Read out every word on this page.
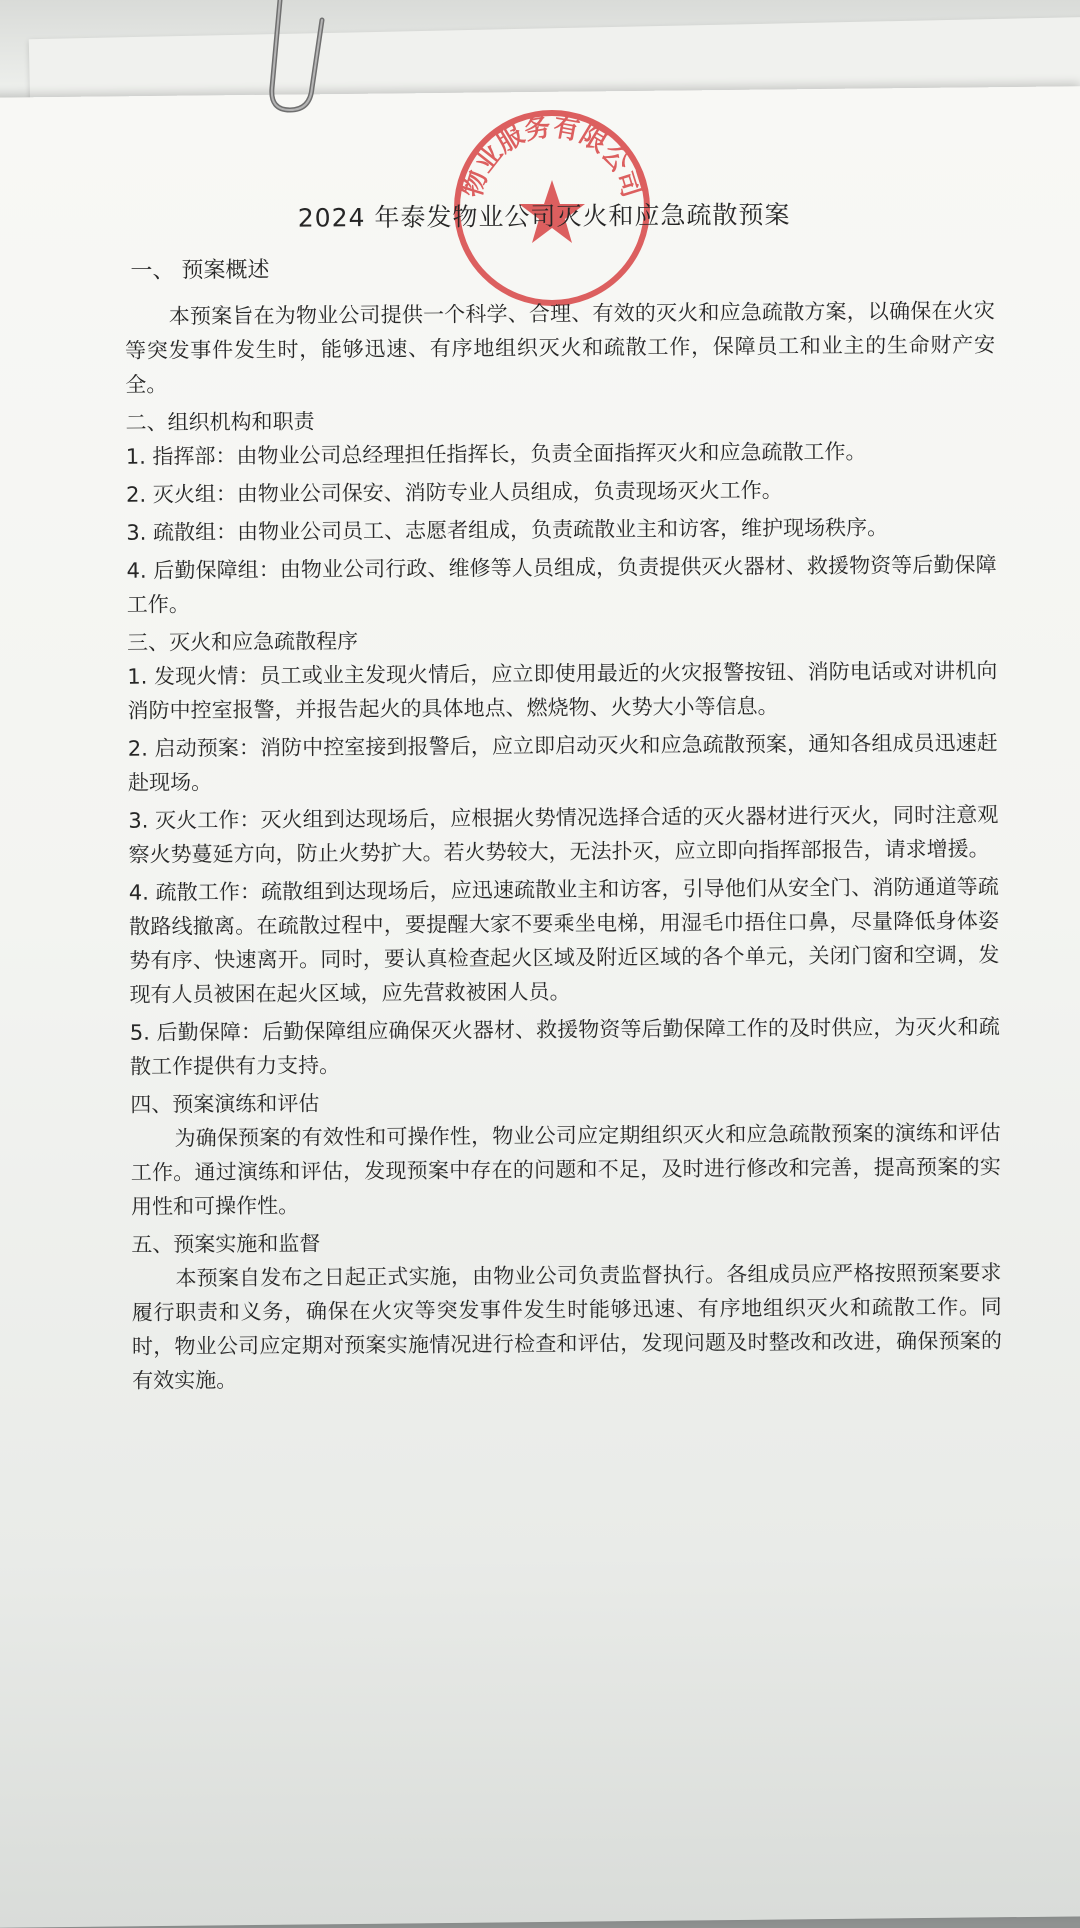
物业服务有限公司
2024 年泰发物业公司灭火和应急疏散预案
一、 预案概述
本预案旨在为物业公司提供一个科学、合理、有效的灭火和应急疏散方案，以确保在火灾等突发事件发生时，能够迅速、有序地组织灭火和疏散工作，保障员工和业主的生命财产安全。
二、组织机构和职责
1. 指挥部：由物业公司总经理担任指挥长，负责全面指挥灭火和应急疏散工作。
2. 灭火组：由物业公司保安、消防专业人员组成，负责现场灭火工作。
3. 疏散组：由物业公司员工、志愿者组成，负责疏散业主和访客，维护现场秩序。
4. 后勤保障组：由物业公司行政、维修等人员组成，负责提供灭火器材、救援物资等后勤保障工作。
三、灭火和应急疏散程序
1. 发现火情：员工或业主发现火情后，应立即使用最近的火灾报警按钮、消防电话或对讲机向消防中控室报警，并报告起火的具体地点、燃烧物、火势大小等信息。
2. 启动预案：消防中控室接到报警后，应立即启动灭火和应急疏散预案，通知各组成员迅速赶赴现场。
3. 灭火工作：灭火组到达现场后，应根据火势情况选择合适的灭火器材进行灭火，同时注意观察火势蔓延方向，防止火势扩大。若火势较大，无法扑灭，应立即向指挥部报告，请求增援。
4. 疏散工作：疏散组到达现场后，应迅速疏散业主和访客，引导他们从安全门、消防通道等疏散路线撤离。在疏散过程中，要提醒大家不要乘坐电梯，用湿毛巾捂住口鼻，尽量降低身体姿势有序、快速离开。同时，要认真检查起火区域及附近区域的各个单元，关闭门窗和空调，发现有人员被困在起火区域，应先营救被困人员。
5. 后勤保障：后勤保障组应确保灭火器材、救援物资等后勤保障工作的及时供应，为灭火和疏散工作提供有力支持。
四、预案演练和评估
为确保预案的有效性和可操作性，物业公司应定期组织灭火和应急疏散预案的演练和评估工作。通过演练和评估，发现预案中存在的问题和不足，及时进行修改和完善，提高预案的实用性和可操作性。
五、预案实施和监督
本预案自发布之日起正式实施，由物业公司负责监督执行。各组成员应严格按照预案要求履行职责和义务，确保在火灾等突发事件发生时能够迅速、有序地组织灭火和疏散工作。同时，物业公司应定期对预案实施情况进行检查和评估，发现问题及时整改和改进，确保预案的有效实施。
